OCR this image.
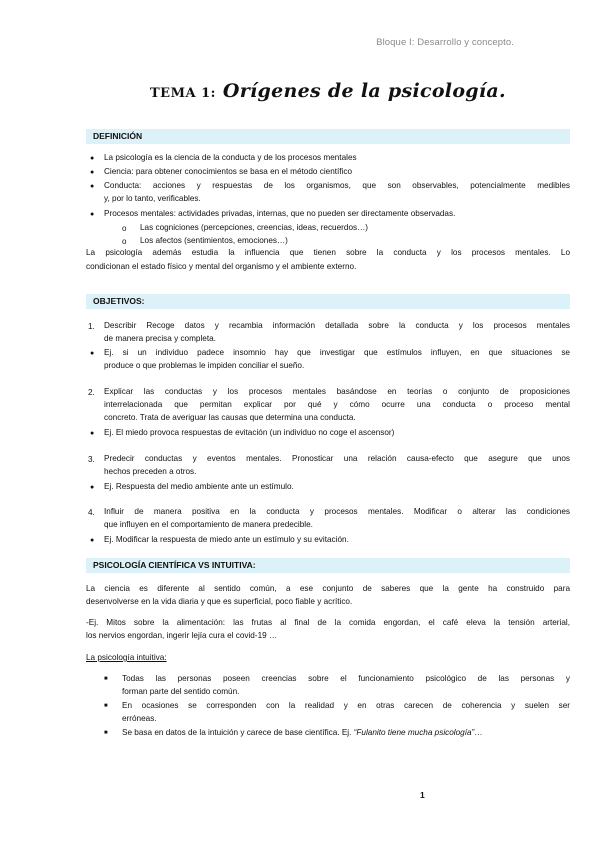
Bloque I: Desarrollo y concepto.
TEMA 1: Orígenes de la psicología.
DEFINICIÓN
● La psicología es la ciencia de la conducta y de los procesos mentales
● Ciencia: para obtener conocimientos se basa en el método científico
● Conducta: acciones y respuestas de los organismos, que son observables, potencialmente medibles
y, por lo tanto, verificables.
● Procesos mentales: actividades privadas, internas, que no pueden ser directamente observadas.
o Las cogniciones (percepciones, creencias, ideas, recuerdos…)
o Los afectos (sentimientos, emociones…)
La psicología además estudia la influencia que tienen sobre la conducta y los procesos mentales. Lo
condicionan el estado físico y mental del organismo y el ambiente externo.
OBJETIVOS:
1. Describir Recoge datos y recambia información detallada sobre la conducta y los procesos mentales
de manera precisa y completa.
● Ej. si un individuo padece insomnio hay que investigar que estímulos influyen, en que situaciones se
produce o que problemas le impiden conciliar el sueño.
2. Explicar las conductas y los procesos mentales basándose en teorías o conjunto de proposiciones
interrelacionada que permitan explicar por qué y cómo ocurre una conducta o proceso mental
concreto. Trata de averiguar las causas que determina una conducta.
● Ej. El miedo provoca respuestas de evitación (un individuo no coge el ascensor)
3. Predecir conductas y eventos mentales. Pronosticar una relación causa-efecto que asegure que unos
hechos preceden a otros.
● Ej. Respuesta del medio ambiente ante un estímulo.
4. Influir de manera positiva en la conducta y procesos mentales. Modificar o alterar las condiciones
que influyen en el comportamiento de manera predecible.
● Ej. Modificar la respuesta de miedo ante un estímulo y su evitación.
PSICOLOGÍA CIENTÍFICA VS INTUITIVA:
La ciencia es diferente al sentido común, a ese conjunto de saberes que la gente ha construido para
desenvolverse en la vida diaria y que es superficial, poco fiable y acrítico.
-Ej. Mitos sobre la alimentación: las frutas al final de la comida engordan, el café eleva la tensión arterial,
los nervios engordan, ingerir lejía cura el covid-19 …
La psicología intuitiva:
■ Todas las personas poseen creencias sobre el funcionamiento psicológico de las personas y
forman parte del sentido común.
■ En ocasiones se corresponden con la realidad y en otras carecen de coherencia y suelen ser
erróneas.
■ Se basa en datos de la intuición y carece de base científica. Ej. “Fulanito tiene mucha psicología”…
1
